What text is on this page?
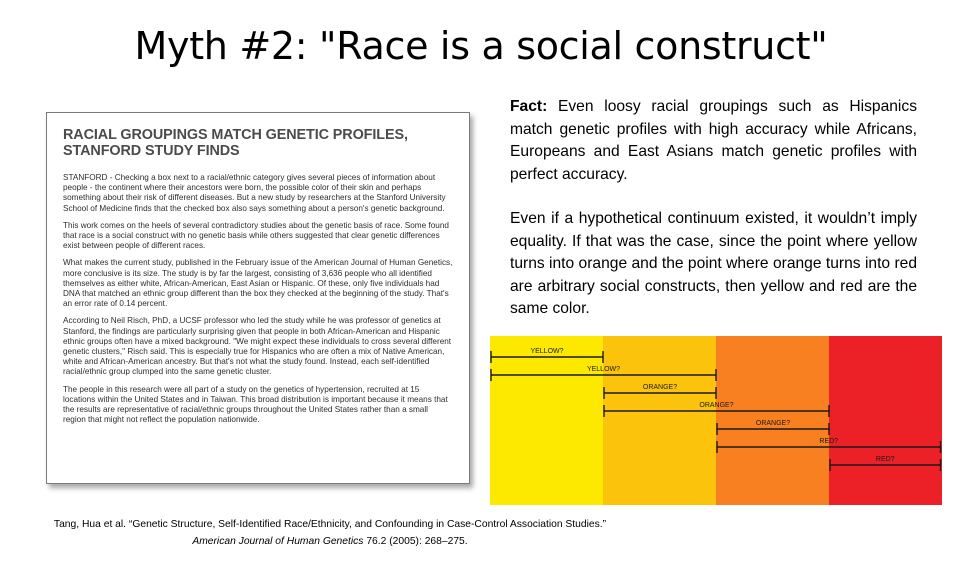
Myth #2: "Race is a social construct"
RACIAL GROUPINGS MATCH GENETIC PROFILES, STANFORD STUDY FINDS

STANFORD - Checking a box next to a racial/ethnic category gives several pieces of information about people - the continent where their ancestors were born, the possible color of their skin and perhaps something about their risk of different diseases. But a new study by researchers at the Stanford University School of Medicine finds that the checked box also says something about a person's genetic background.

This work comes on the heels of several contradictory studies about the genetic basis of race. Some found that race is a social construct with no genetic basis while others suggested that clear genetic differences exist between people of different races.

What makes the current study, published in the February issue of the American Journal of Human Genetics, more conclusive is its size. The study is by far the largest, consisting of 3,636 people who all identified themselves as either white, African-American, East Asian or Hispanic. Of these, only five individuals had DNA that matched an ethnic group different than the box they checked at the beginning of the study. That's an error rate of 0.14 percent.

According to Neil Risch, PhD, a UCSF professor who led the study while he was professor of genetics at Stanford, the findings are particularly surprising given that people in both African-American and Hispanic ethnic groups often have a mixed background. "We might expect these individuals to cross several different genetic clusters," Risch said. This is especially true for Hispanics who are often a mix of Native American, white and African-American ancestry. But that's not what the study found. Instead, each self-identified racial/ethnic group clumped into the same genetic cluster.

The people in this research were all part of a study on the genetics of hypertension, recruited at 15 locations within the United States and in Taiwan. This broad distribution is important because it means that the results are representative of racial/ethnic groups throughout the United States rather than a small region that might not reflect the population nationwide.

Fact: Even loosy racial groupings such as Hispanics match genetic profiles with high accuracy while Africans, Europeans and East Asians match genetic profiles with perfect accuracy.

Even if a hypothetical continuum existed, it wouldn’t imply equality. If that was the case, since the point where yellow turns into orange and the point where orange turns into red are arbitrary social constructs, then yellow and red are the same color.

YELLOW?
YELLOW?
ORANGE?
ORANGE?
ORANGE?
RED?
RED?
Tang, Hua et al. “Genetic Structure, Self-Identified Race/Ethnicity, and Confounding in Case-Control Association Studies.”
American Journal of Human Genetics 76.2 (2005): 268–275.
